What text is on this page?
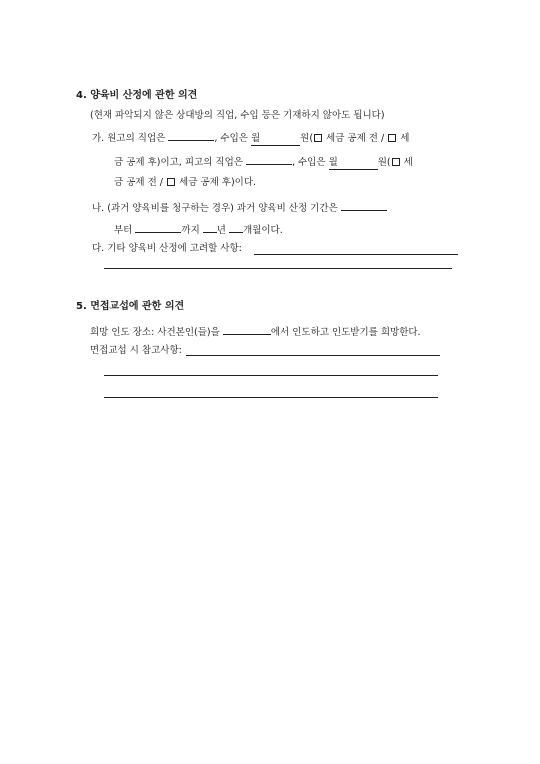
4. 양육비 산정에 관한 의견
(현재 파악되지 않은 상대방의 직업, 수입 등은 기재하지 않아도 됩니다)
가. 원고의 직업은	, 수입은 월	원( 세금 공제 전 /  세
금 공제 후)이고, 피고의 직업은	, 수입은 월	원( 세
금 공제 전 /  세금 공제 후)이다.
나. (과거 양육비를 청구하는 경우) 과거 양육비 산정 기간은
부터	까지 년 개월이다.
다. 기타 양육비 산정에 고려할 사항:
5. 면접교섭에 관한 의견
희망 인도 장소: 사건본인(들)을	에서 인도하고 인도받기를 희망한다.
면접교섭 시 참고사항:
